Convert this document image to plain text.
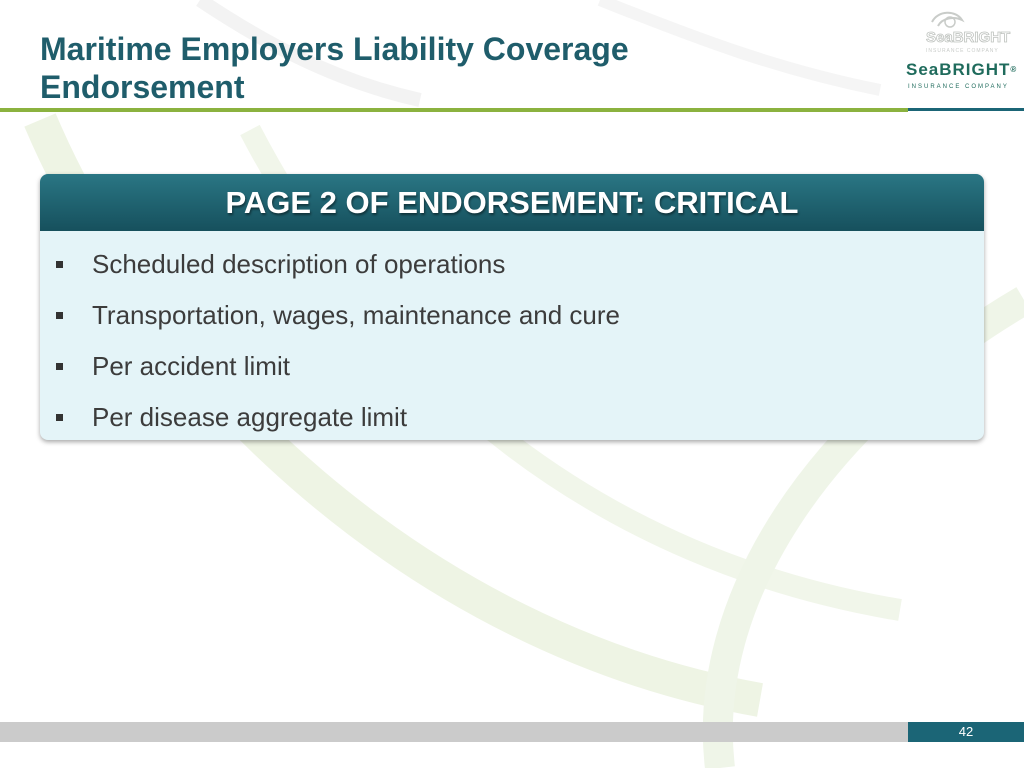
Maritime Employers Liability Coverage
Endorsement
SeaBRIGHT
INSURANCE COMPANY
SeaBRIGHT®
INSURANCE COMPANY
PAGE 2 OF ENDORSEMENT: CRITICAL
Scheduled description of operations
Transportation, wages, maintenance and cure
Per accident limit
Per disease aggregate limit
42
